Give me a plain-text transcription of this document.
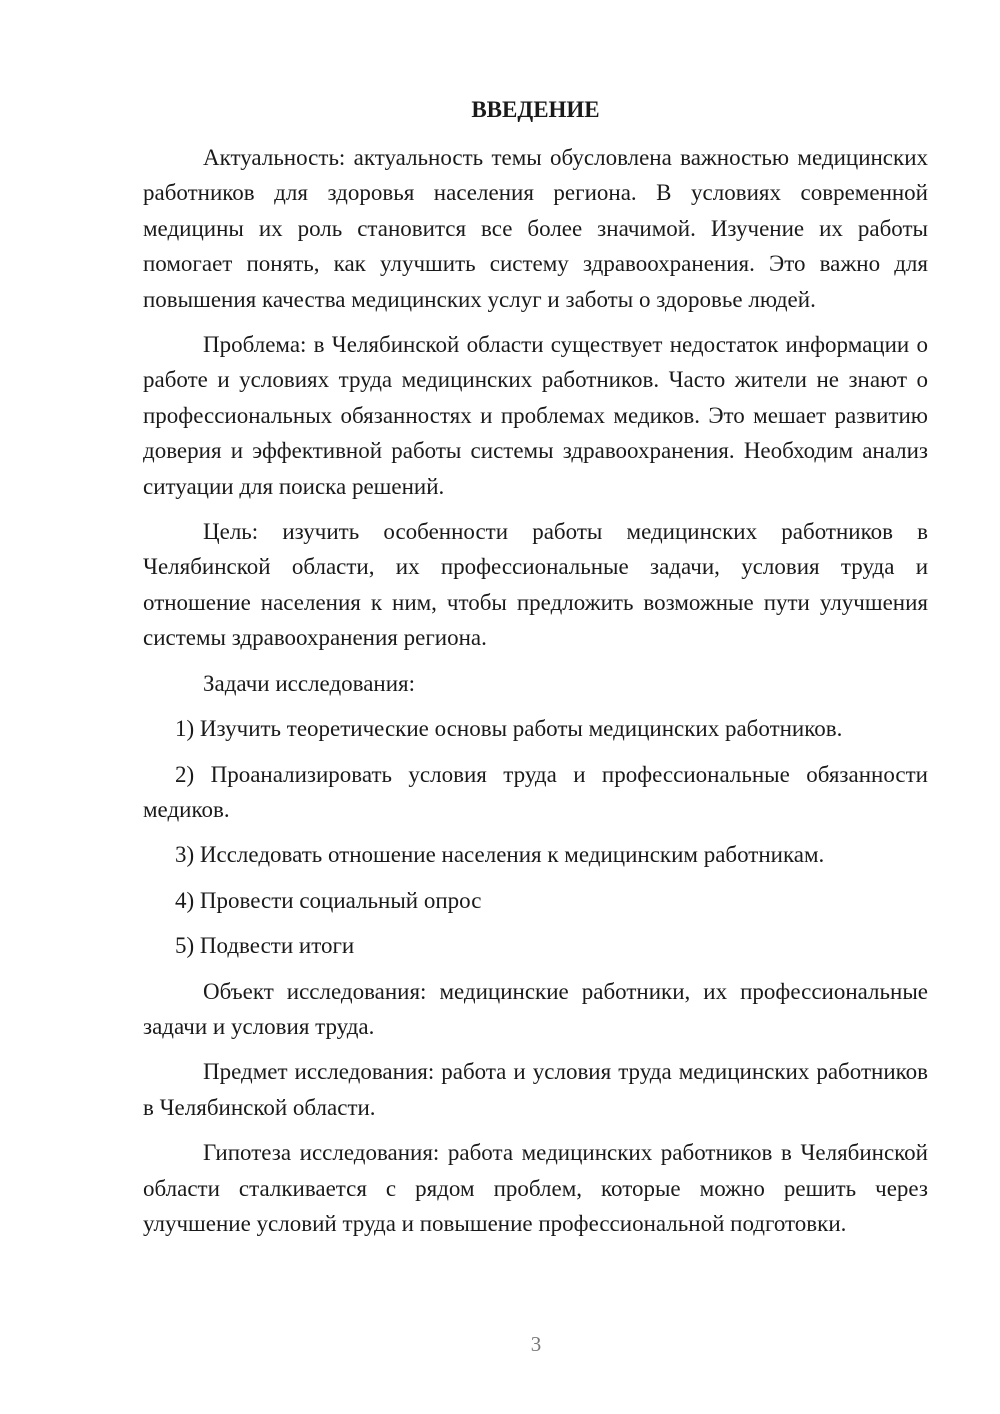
ВВЕДЕНИЕ

Актуальность: актуальность темы обусловлена важностью медицинских работников для здоровья населения региона. В условиях современной медицины их роль становится все более значимой. Изучение их работы помогает понять, как улучшить систему здравоохранения. Это важно для повышения качества медицинских услуг и заботы о здоровье людей.

Проблема: в Челябинской области существует недостаток информации о работе и условиях труда медицинских работников. Часто жители не знают о профессиональных обязанностях и проблемах медиков. Это мешает развитию доверия и эффективной работы системы здравоохранения. Необходим анализ ситуации для поиска решений.

Цель: изучить особенности работы медицинских работников в Челябинской области, их профессиональные задачи, условия труда и отношение населения к ним, чтобы предложить возможные пути улучшения системы здравоохранения региона.

Задачи исследования:

1) Изучить теоретические основы работы медицинских работников.

2) Проанализировать условия труда и профессиональные обязанности медиков.

3) Исследовать отношение населения к медицинским работникам.

4) Провести социальный опрос

5) Подвести итоги

Объект исследования: медицинские работники, их профессиональные задачи и условия труда.

Предмет исследования: работа и условия труда медицинских работников в Челябинской области.

Гипотеза исследования: работа медицинских работников в Челябинской области сталкивается с рядом проблем, которые можно решить через улучшение условий труда и повышение профессиональной подготовки.

3
